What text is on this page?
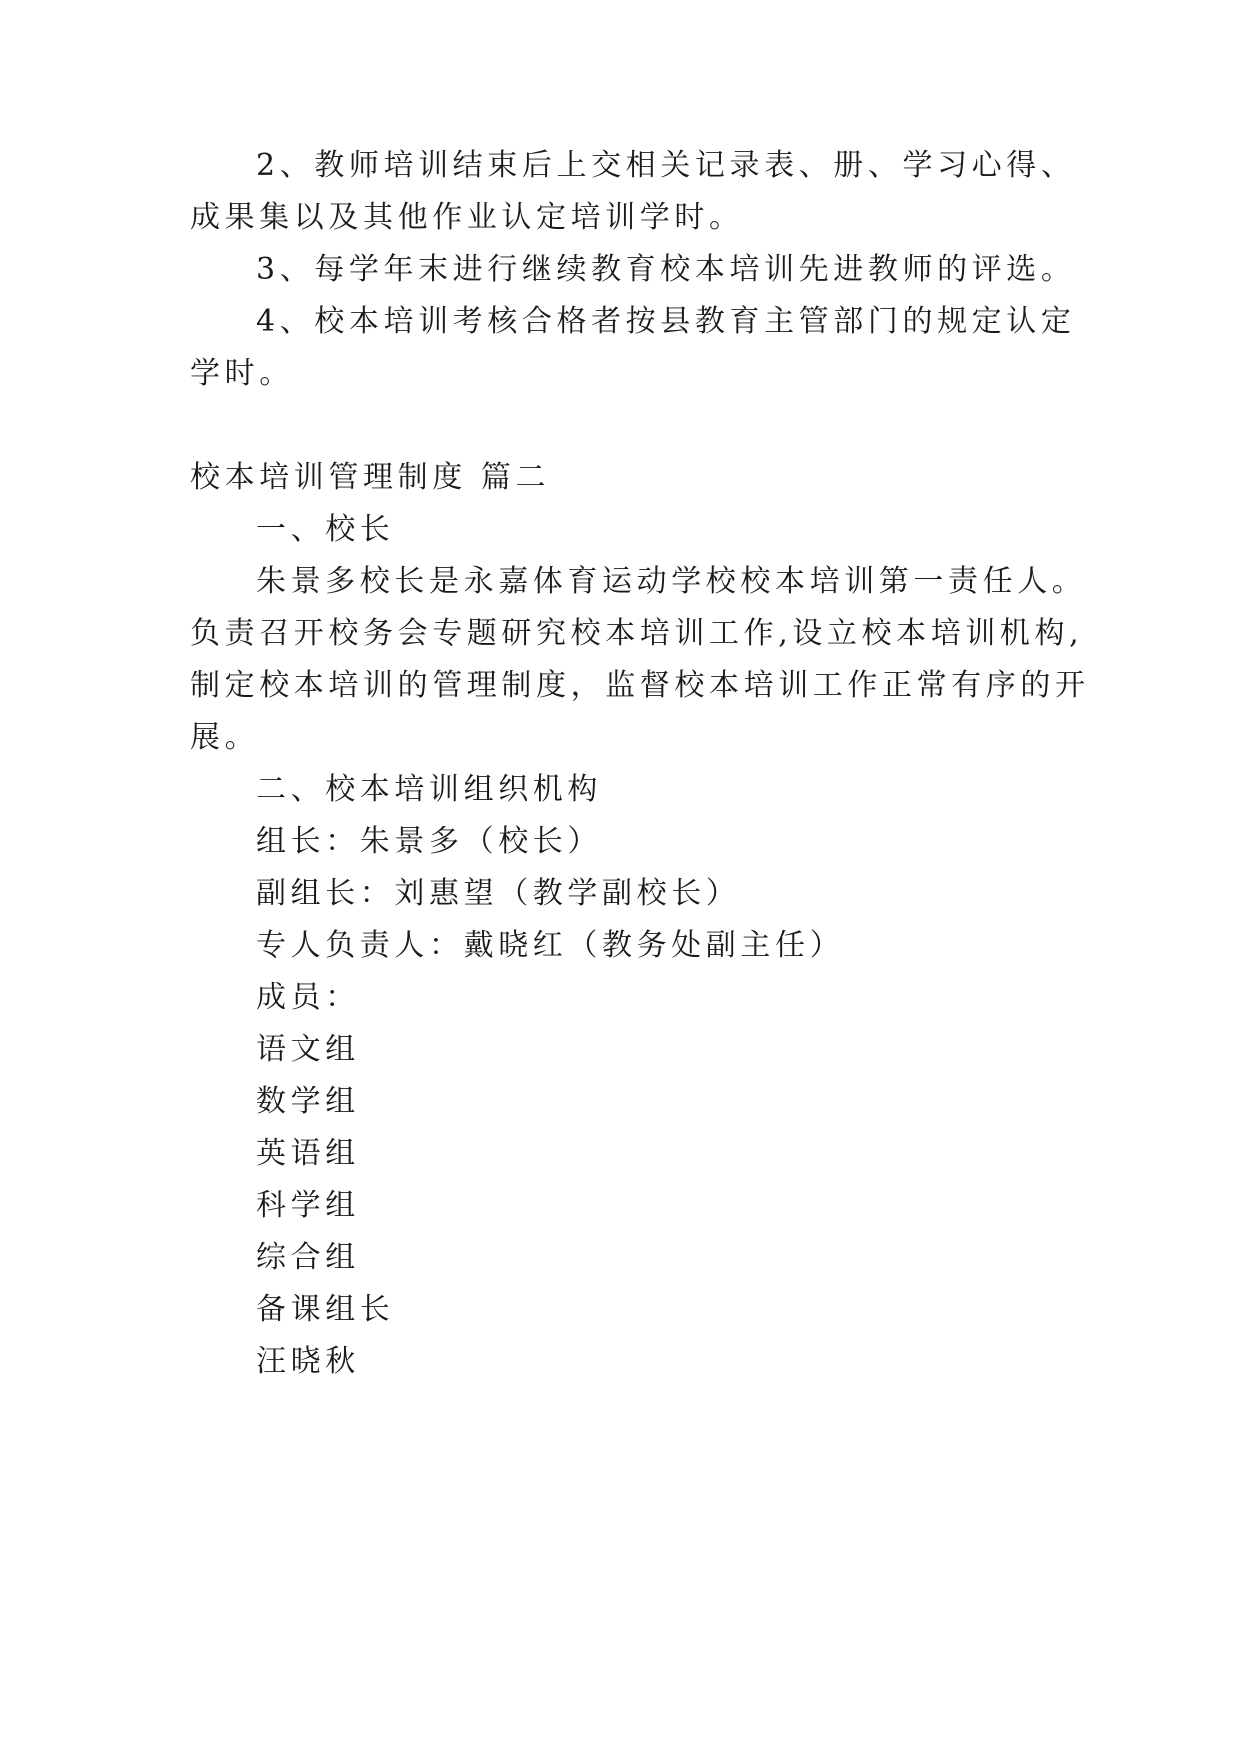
2、教师培训结束后上交相关记录表、册、学习心得、
成果集以及其他作业认定培训学时。
3、每学年末进行继续教育校本培训先进教师的评选。
4、校本培训考核合格者按县教育主管部门的规定认定
学时。
校本培训管理制度 篇二
一、校长
朱景多校长是永嘉体育运动学校校本培训第一责任人。
负责召开校务会专题研究校本培训工作,设立校本培训机构,
制定校本培训的管理制度，监督校本培训工作正常有序的开
展。
二、校本培训组织机构
组长：朱景多（校长）
副组长：刘惠望（教学副校长）
专人负责人：戴晓红（教务处副主任）
成员：
语文组
数学组
英语组
科学组
综合组
备课组长
汪晓秋
